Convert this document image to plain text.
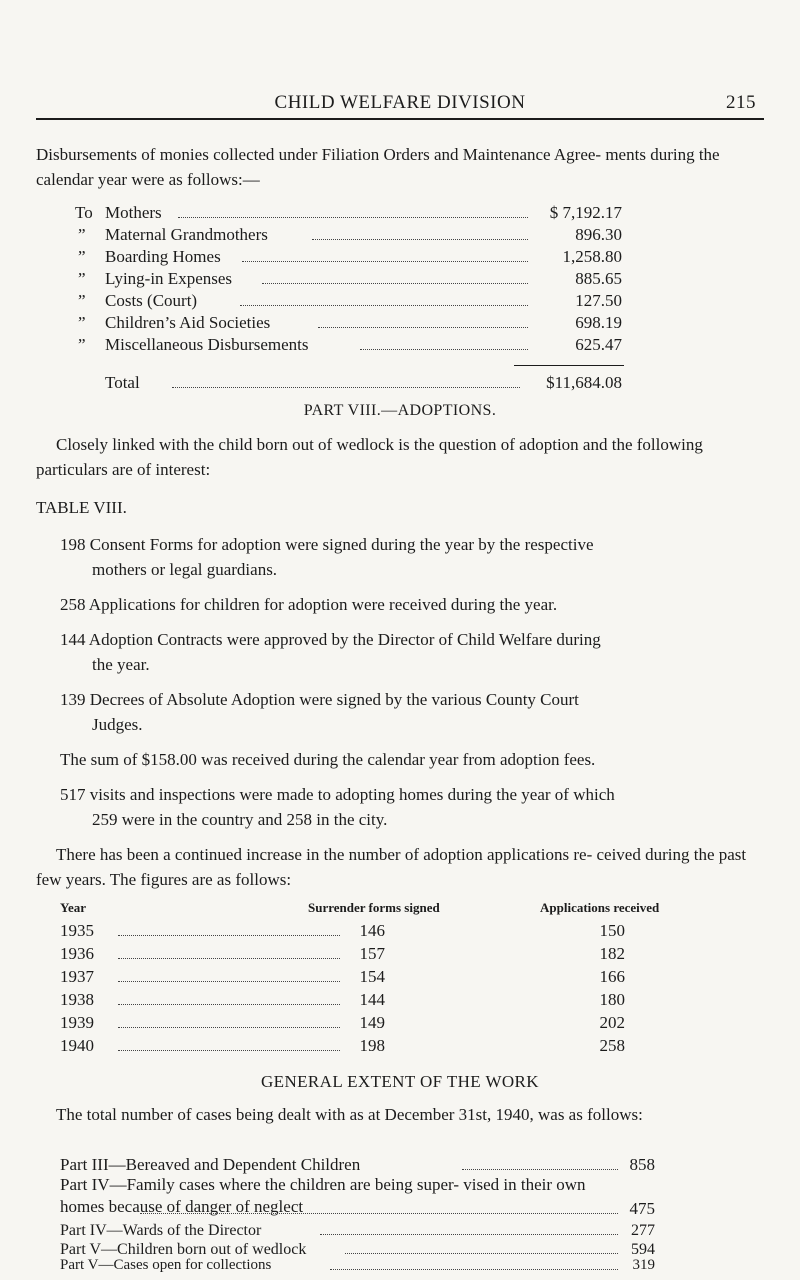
CHILD WELFARE DIVISION	215
Disbursements of monies collected under Filiation Orders and Maintenance Agree- ments during the calendar year were as follows:—
To Mothers	$ 7,192.17
” Maternal Grandmothers	896.30
” Boarding Homes	1,258.80
” Lying-in Expenses	885.65
” Costs (Court)	127.50
” Children’s Aid Societies	698.19
” Miscellaneous Disbursements	625.47
Total	$11,684.08
PART VIII.—ADOPTIONS.
Closely linked with the child born out of wedlock is the question of adoption and the following particulars are of interest:
TABLE VIII.
198 Consent Forms for adoption were signed during the year by the respective
mothers or legal guardians.
258 Applications for children for adoption were received during the year.
144 Adoption Contracts were approved by the Director of Child Welfare during
the year.
139 Decrees of Absolute Adoption were signed by the various County Court
Judges.
The sum of $158.00 was received during the calendar year from adoption fees.
517 visits and inspections were made to adopting homes during the year of which
259 were in the country and 258 in the city.
There has been a continued increase in the number of adoption applications re- ceived during the past few years. The figures are as follows:
Year	Surrender forms signed	Applications received
1935	146	150
1936	157	182
1937	154	166
1938	144	180
1939	149	202
1940	198	258
GENERAL EXTENT OF THE WORK
The total number of cases being dealt with as at December 31st, 1940, was as follows:
Part III—Bereaved and Dependent Children	858
Part IV—Family cases where the children are being super- vised in their own homes because of danger of neglect	475
Part IV—Wards of the Director	277
Part V—Children born out of wedlock	594
Part V—Cases open for collections	319
